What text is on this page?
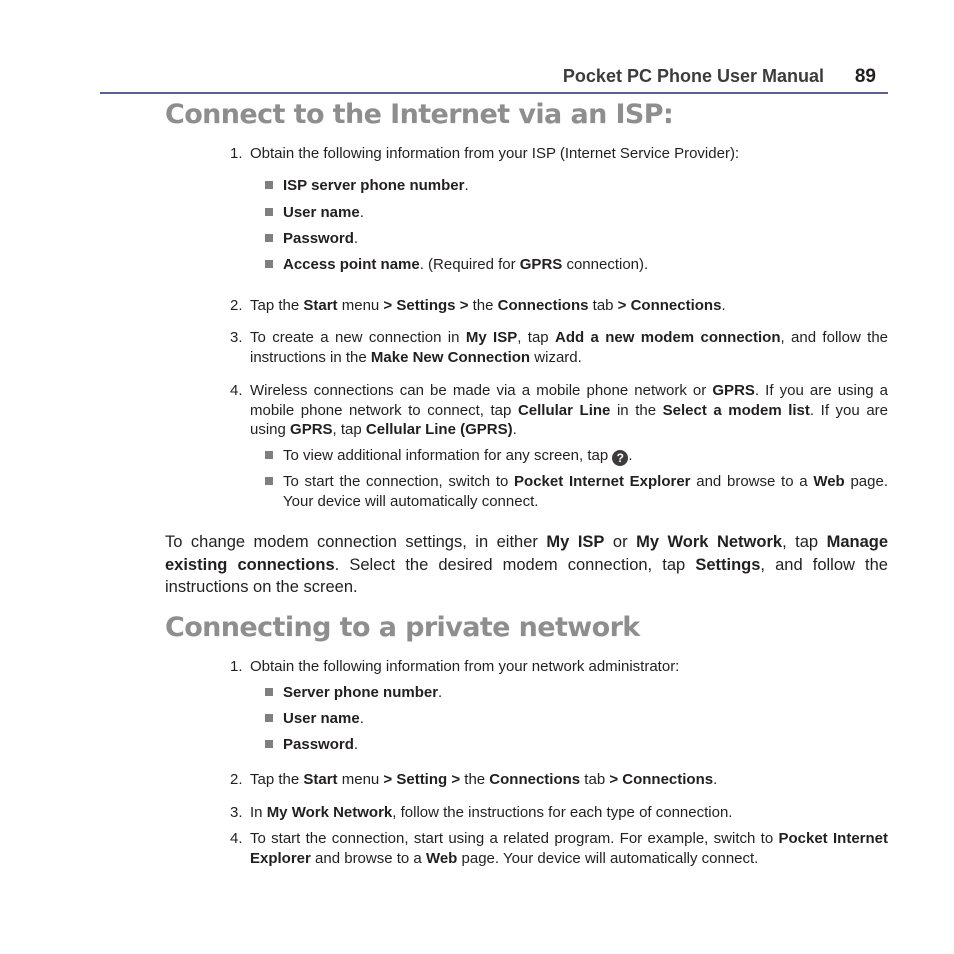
Pocket PC Phone User Manual 89
Connect to the Internet via an ISP:
1. Obtain the following information from your ISP (Internet Service Provider):
ISP server phone number.
User name.
Password.
Access point name. (Required for GPRS connection).
2. Tap the Start menu > Settings > the Connections tab > Connections.
3. To create a new connection in My ISP, tap Add a new modem connection, and follow the instructions in the Make New Connection wizard.
4. Wireless connections can be made via a mobile phone network or GPRS. If you are using a mobile phone network to connect, tap Cellular Line in the Select a modem list. If you are using GPRS, tap Cellular Line (GPRS).
To view additional information for any screen, tap ? .
To start the connection, switch to Pocket Internet Explorer and browse to a Web page. Your device will automatically connect.
To change modem connection settings, in either My ISP or My Work Network, tap Manage existing connections. Select the desired modem connection, tap Settings, and follow the instructions on the screen.
Connecting to a private network
1. Obtain the following information from your network administrator:
Server phone number.
User name.
Password.
2. Tap the Start menu > Setting > the Connections tab > Connections.
3. In My Work Network, follow the instructions for each type of connection.
4. To start the connection, start using a related program. For example, switch to Pocket Internet Explorer and browse to a Web page. Your device will automatically connect.
